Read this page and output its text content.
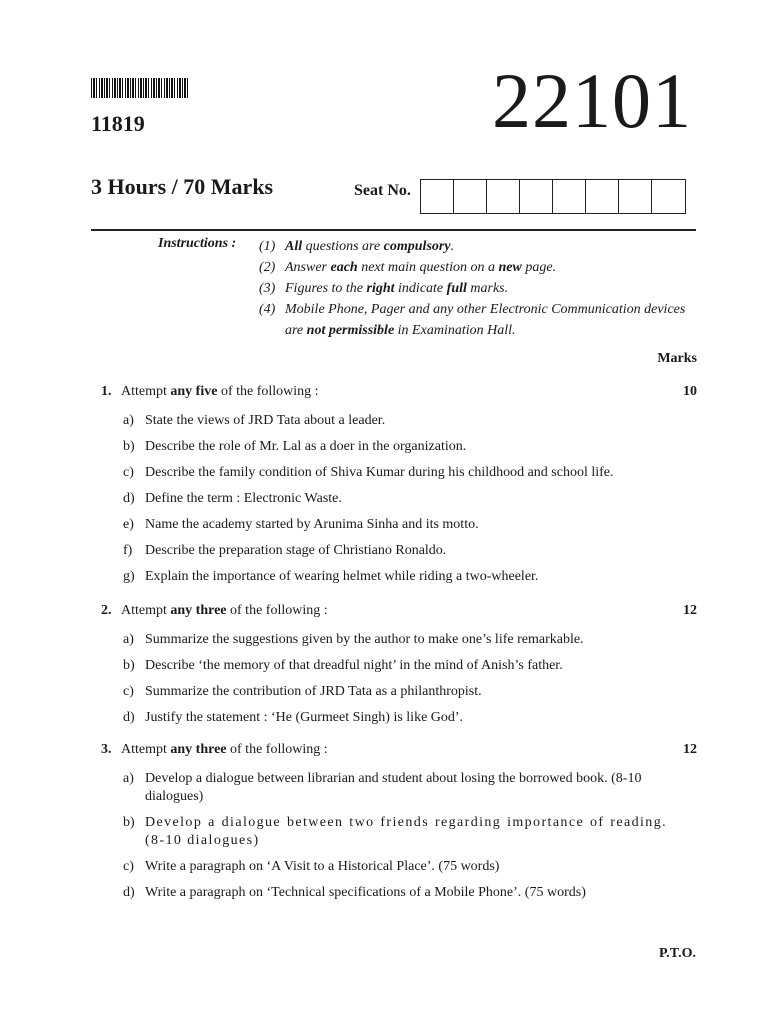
11819	22101
3 Hours / 70 Marks	Seat No.
Instructions : (1) All questions are compulsory.
(2) Answer each next main question on a new page.
(3) Figures to the right indicate full marks.
(4) Mobile Phone, Pager and any other Electronic Communication devices are not permissible in Examination Hall.
Marks
1. Attempt any five of the following :	10
a) State the views of JRD Tata about a leader.
b) Describe the role of Mr. Lal as a doer in the organization.
c) Describe the family condition of Shiva Kumar during his childhood and school life.
d) Define the term : Electronic Waste.
e) Name the academy started by Arunima Sinha and its motto.
f) Describe the preparation stage of Christiano Ronaldo.
g) Explain the importance of wearing helmet while riding a two-wheeler.
2. Attempt any three of the following :	12
a) Summarize the suggestions given by the author to make one’s life remarkable.
b) Describe ‘the memory of that dreadful night’ in the mind of Anish’s father.
c) Summarize the contribution of JRD Tata as a philanthropist.
d) Justify the statement : ‘He (Gurmeet Singh) is like God’.
3. Attempt any three of the following :	12
a) Develop a dialogue between librarian and student about losing the borrowed book. (8-10 dialogues)
b) Develop a dialogue between two friends regarding importance of reading. (8-10 dialogues)
c) Write a paragraph on ‘A Visit to a Historical Place’. (75 words)
d) Write a paragraph on ‘Technical specifications of a Mobile Phone’. (75 words)
P.T.O.
